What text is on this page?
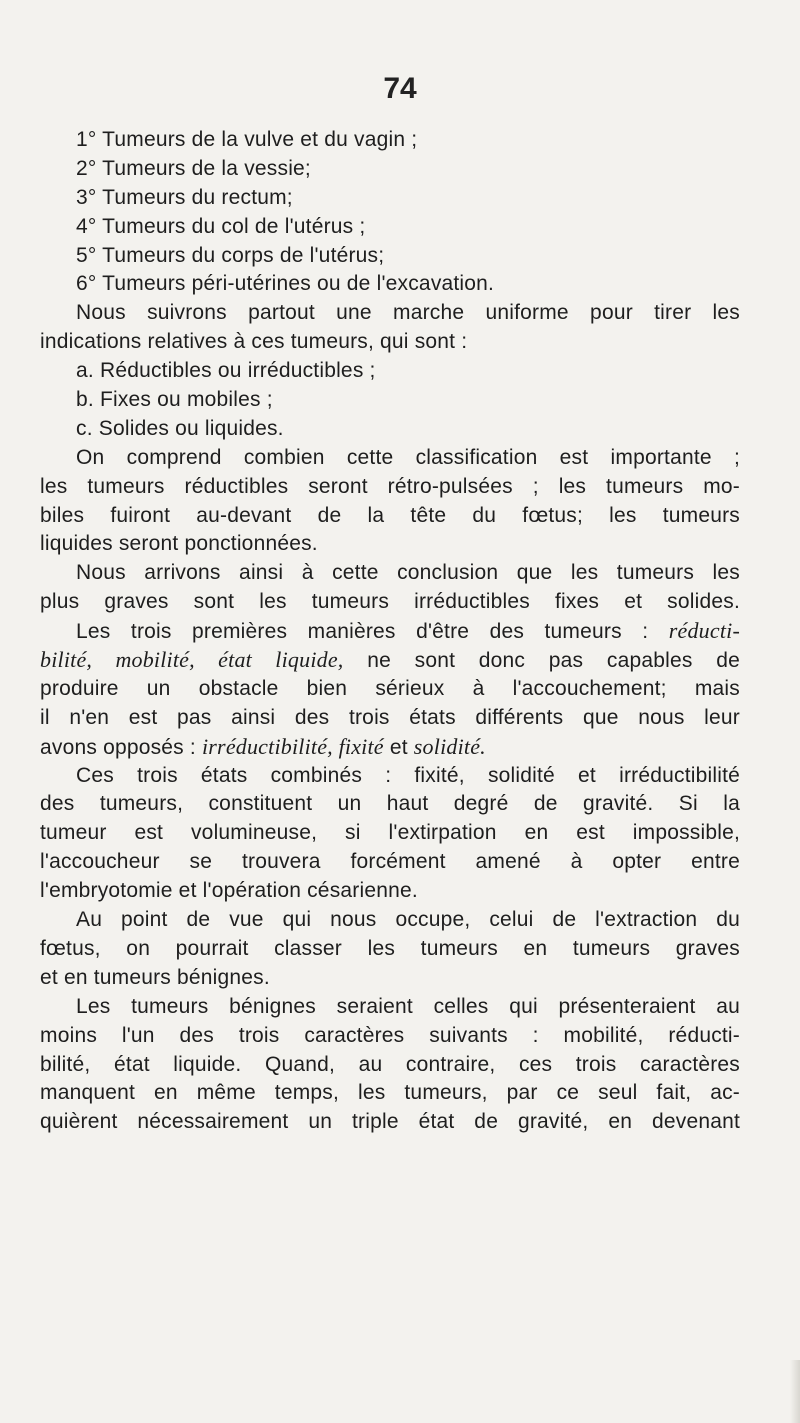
74
1° Tumeurs de la vulve et du vagin ;
2° Tumeurs de la vessie;
3° Tumeurs du rectum;
4° Tumeurs du col de l'utérus ;
5° Tumeurs du corps de l'utérus;
6° Tumeurs péri-utérines ou de l'excavation.
Nous suivrons partout une marche uniforme pour tirer les
indications relatives à ces tumeurs, qui sont :
a. Réductibles ou irréductibles ;
b. Fixes ou mobiles ;
c. Solides ou liquides.
On comprend combien cette classification est importante ;
les tumeurs réductibles seront rétro-pulsées ; les tumeurs mo-
biles fuiront au-devant de la tête du fœtus; les tumeurs
liquides seront ponctionnées.
Nous arrivons ainsi à cette conclusion que les tumeurs les
plus graves sont les tumeurs irréductibles fixes et solides.
Les trois premières manières d'être des tumeurs : réducti-
bilité, mobilité, état liquide, ne sont donc pas capables de
produire un obstacle bien sérieux à l'accouchement; mais
il n'en est pas ainsi des trois états différents que nous leur
avons opposés : irréductibilité, fixité et solidité.
Ces trois états combinés : fixité, solidité et irréductibilité
des tumeurs, constituent un haut degré de gravité. Si la
tumeur est volumineuse, si l'extirpation en est impossible,
l'accoucheur se trouvera forcément amené à opter entre
l'embryotomie et l'opération césarienne.
Au point de vue qui nous occupe, celui de l'extraction du
fœtus, on pourrait classer les tumeurs en tumeurs graves
et en tumeurs bénignes.
Les tumeurs bénignes seraient celles qui présenteraient au
moins l'un des trois caractères suivants : mobilité, réducti-
bilité, état liquide. Quand, au contraire, ces trois caractères
manquent en même temps, les tumeurs, par ce seul fait, ac-
quièrent nécessairement un triple état de gravité, en devenant
